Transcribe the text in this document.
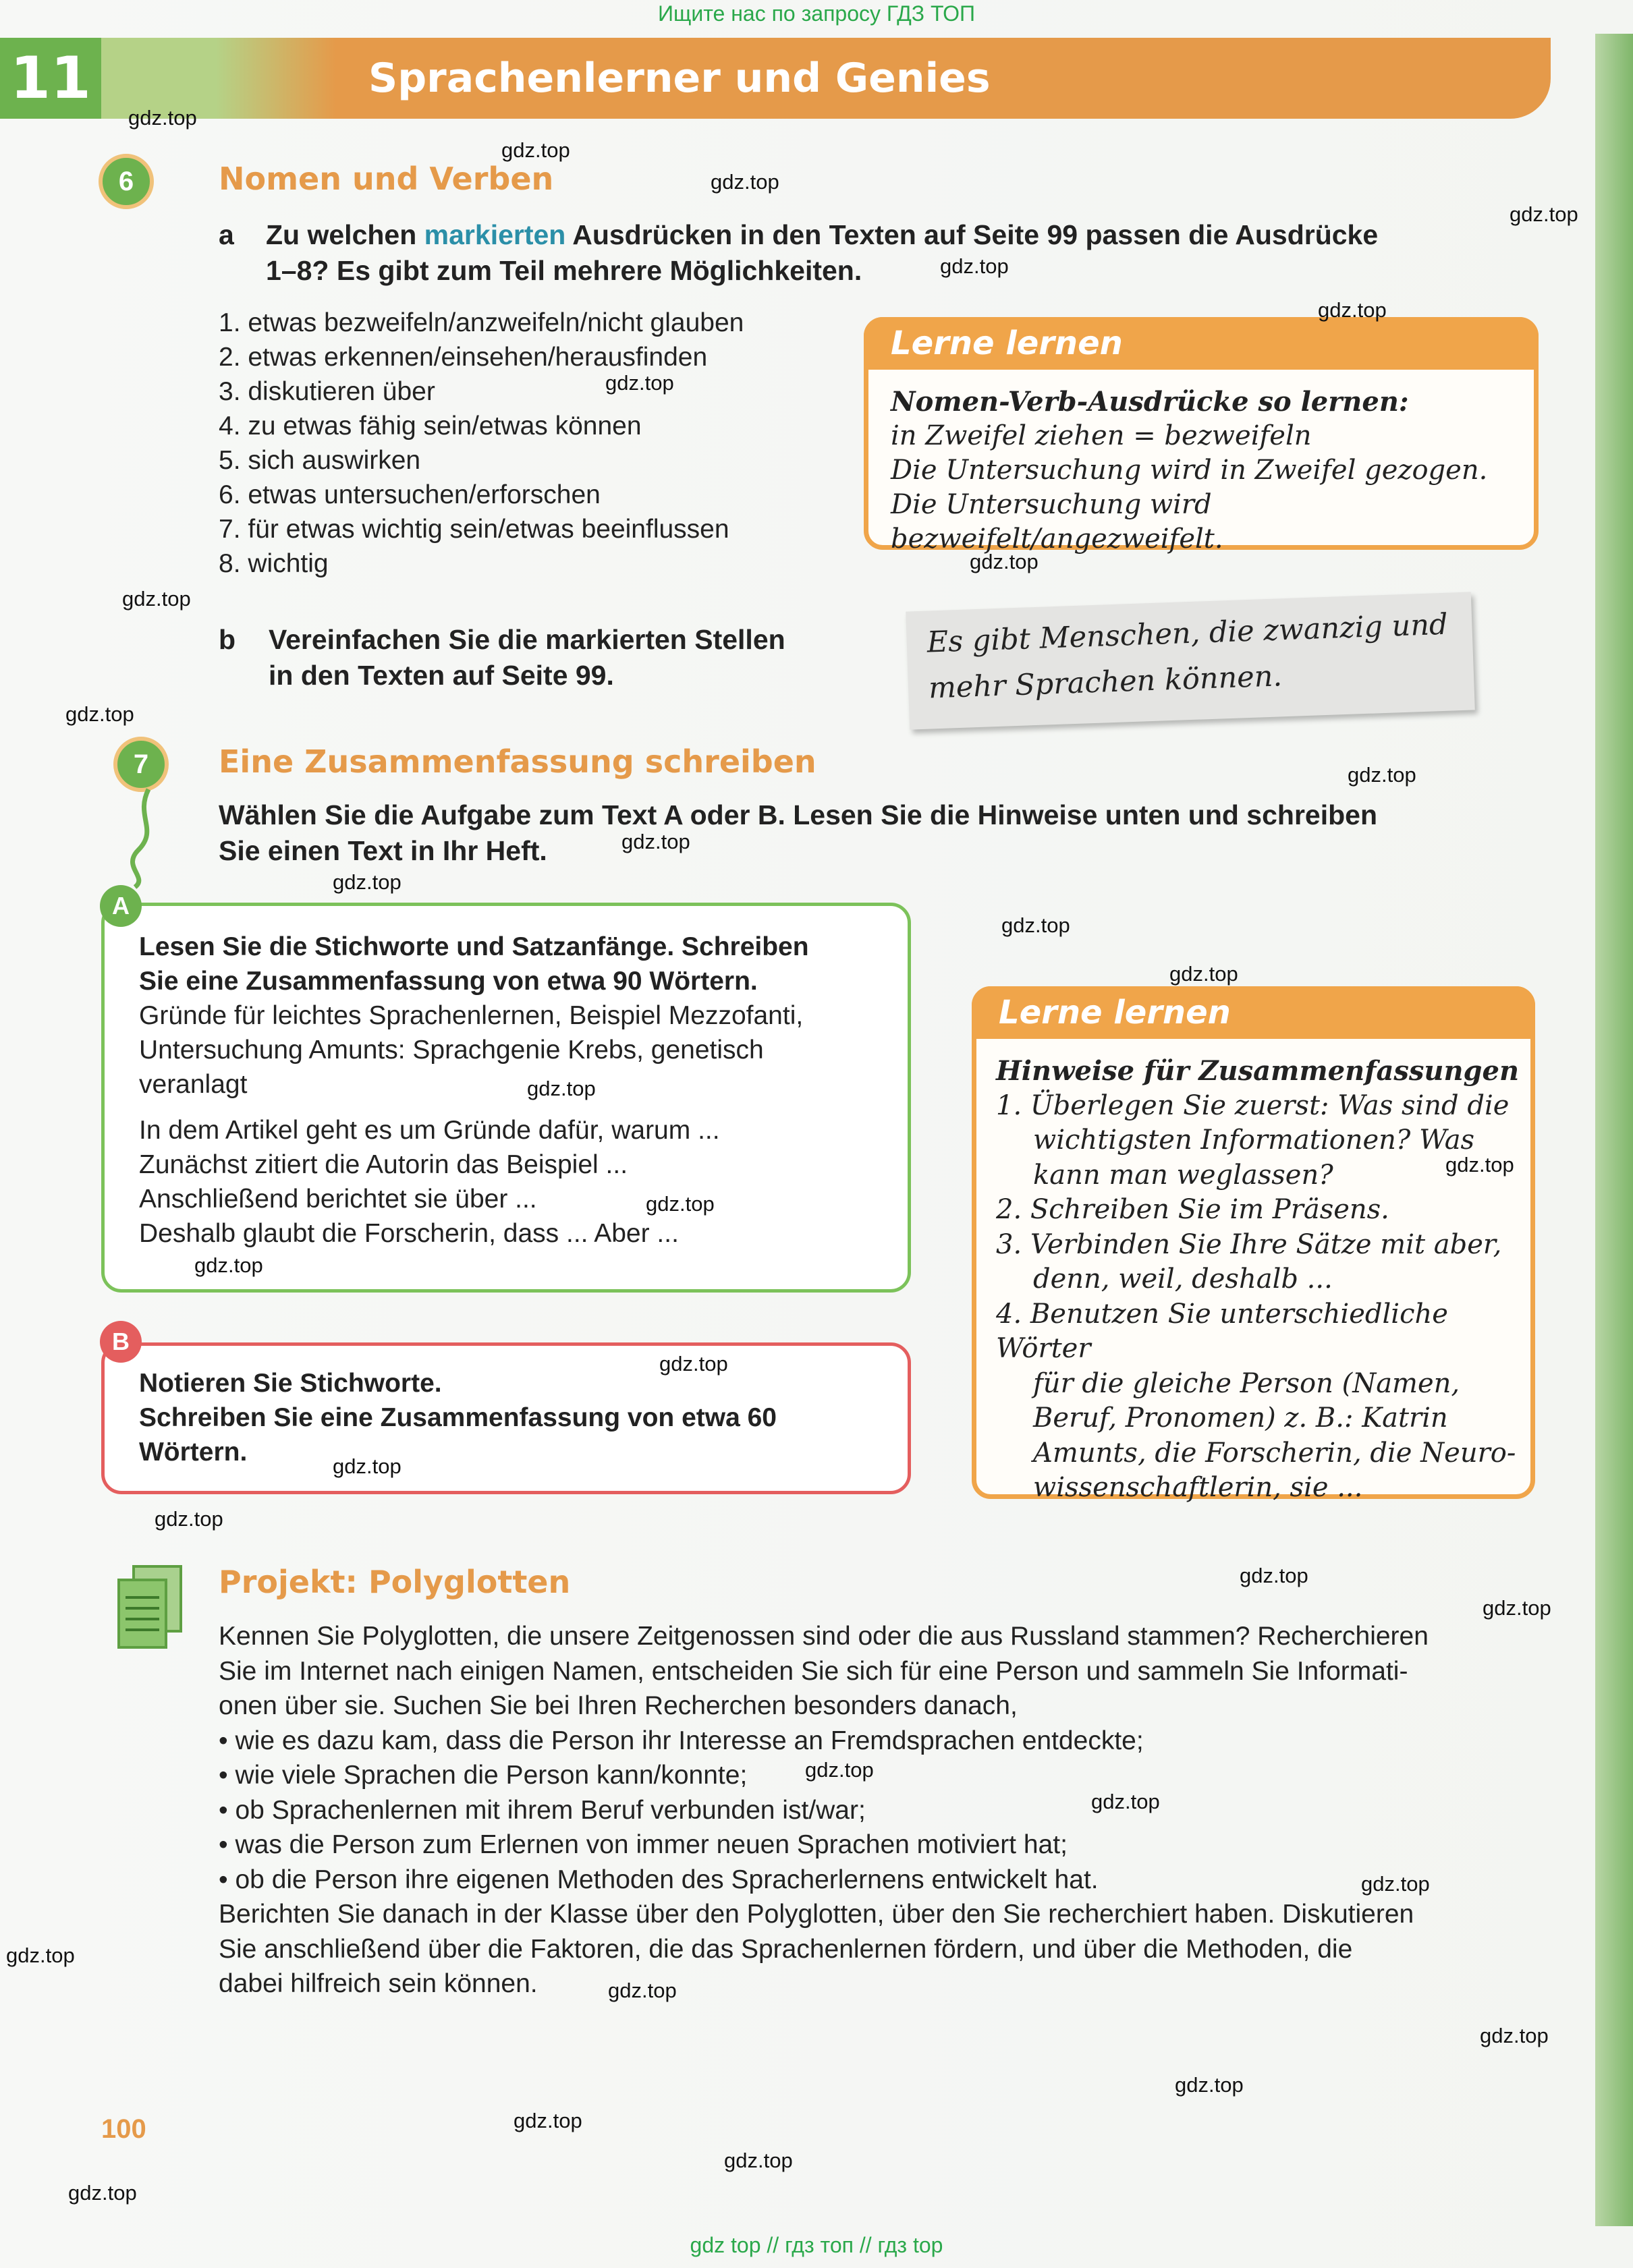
Ищите нас по запросу ГДЗ ТОП
11	Sprachenlerner und Genies
6	Nomen und Verben
a Zu welchen markierten Ausdrücken in den Texten auf Seite 99 passen die Ausdrücke
1–8? Es gibt zum Teil mehrere Möglichkeiten.
1. etwas bezweifeln/anzweifeln/nicht glauben
2. etwas erkennen/einsehen/herausfinden
3. diskutieren über
4. zu etwas fähig sein/etwas können
5. sich auswirken
6. etwas untersuchen/erforschen
7. für etwas wichtig sein/etwas beeinflussen
8. wichtig
b Vereinfachen Sie die markierten Stellen
in den Texten auf Seite 99.
Lerne lernen
Nomen-Verb-Ausdrücke so lernen:
in Zweifel ziehen = bezweifeln
Die Untersuchung wird in Zweifel gezogen.
Die Untersuchung wird bezweifelt/angezweifelt.
Es gibt Menschen, die zwanzig und
mehr Sprachen können.
7	Eine Zusammenfassung schreiben
Wählen Sie die Aufgabe zum Text A oder B. Lesen Sie die Hinweise unten und schreiben
Sie einen Text in Ihr Heft.
A
Lesen Sie die Stichworte und Satzanfänge. Schreiben
Sie eine Zusammenfassung von etwa 90 Wörtern.
Gründe für leichtes Sprachenlernen, Beispiel Mezzofanti,
Untersuchung Amunts: Sprachgenie Krebs, genetisch
veranlagt
In dem Artikel geht es um Gründe dafür, warum ...
Zunächst zitiert die Autorin das Beispiel ...
Anschließend berichtet sie über ...
Deshalb glaubt die Forscherin, dass ... Aber ...
B
Notieren Sie Stichworte.
Schreiben Sie eine Zusammenfassung von etwa 60
Wörtern.
Lerne lernen
Hinweise für Zusammenfassungen
1. Überlegen Sie zuerst: Was sind die
wichtigsten Informationen? Was
kann man weglassen?
2. Schreiben Sie im Präsens.
3. Verbinden Sie Ihre Sätze mit aber,
denn, weil, deshalb ...
4. Benutzen Sie unterschiedliche Wörter
für die gleiche Person (Namen,
Beruf, Pronomen) z. B.: Katrin
Amunts, die Forscherin, die Neuro-
wissenschaftlerin, sie ...
Projekt: Polyglotten
Kennen Sie Polyglotten, die unsere Zeitgenossen sind oder die aus Russland stammen? Recherchieren
Sie im Internet nach einigen Namen, entscheiden Sie sich für eine Person und sammeln Sie Informati-
onen über sie. Suchen Sie bei Ihren Recherchen besonders danach,
• wie es dazu kam, dass die Person ihr Interesse an Fremdsprachen entdeckte;
• wie viele Sprachen die Person kann/konnte;
• ob Sprachenlernen mit ihrem Beruf verbunden ist/war;
• was die Person zum Erlernen von immer neuen Sprachen motiviert hat;
• ob die Person ihre eigenen Methoden des Spracherlernens entwickelt hat.
Berichten Sie danach in der Klasse über den Polyglotten, über den Sie recherchiert haben. Diskutieren
Sie anschließend über die Faktoren, die das Sprachenlernen fördern, und über die Methoden, die
dabei hilfreich sein können.
100
gdz top // гдз топ // гдз top
gdz.top
gdz.top
gdz.top
gdz.top
gdz.top
gdz.top
gdz.top
gdz.top
gdz.top
gdz.top
gdz.top
gdz.top
gdz.top
gdz.top
gdz.top
gdz.top
gdz.top
gdz.top
gdz.top
gdz.top
gdz.top
gdz.top
gdz.top
gdz.top
gdz.top
gdz.top
gdz.top
gdz.top
gdz.top
gdz.top
gdz.top
gdz.top
gdz.top
gdz.top
